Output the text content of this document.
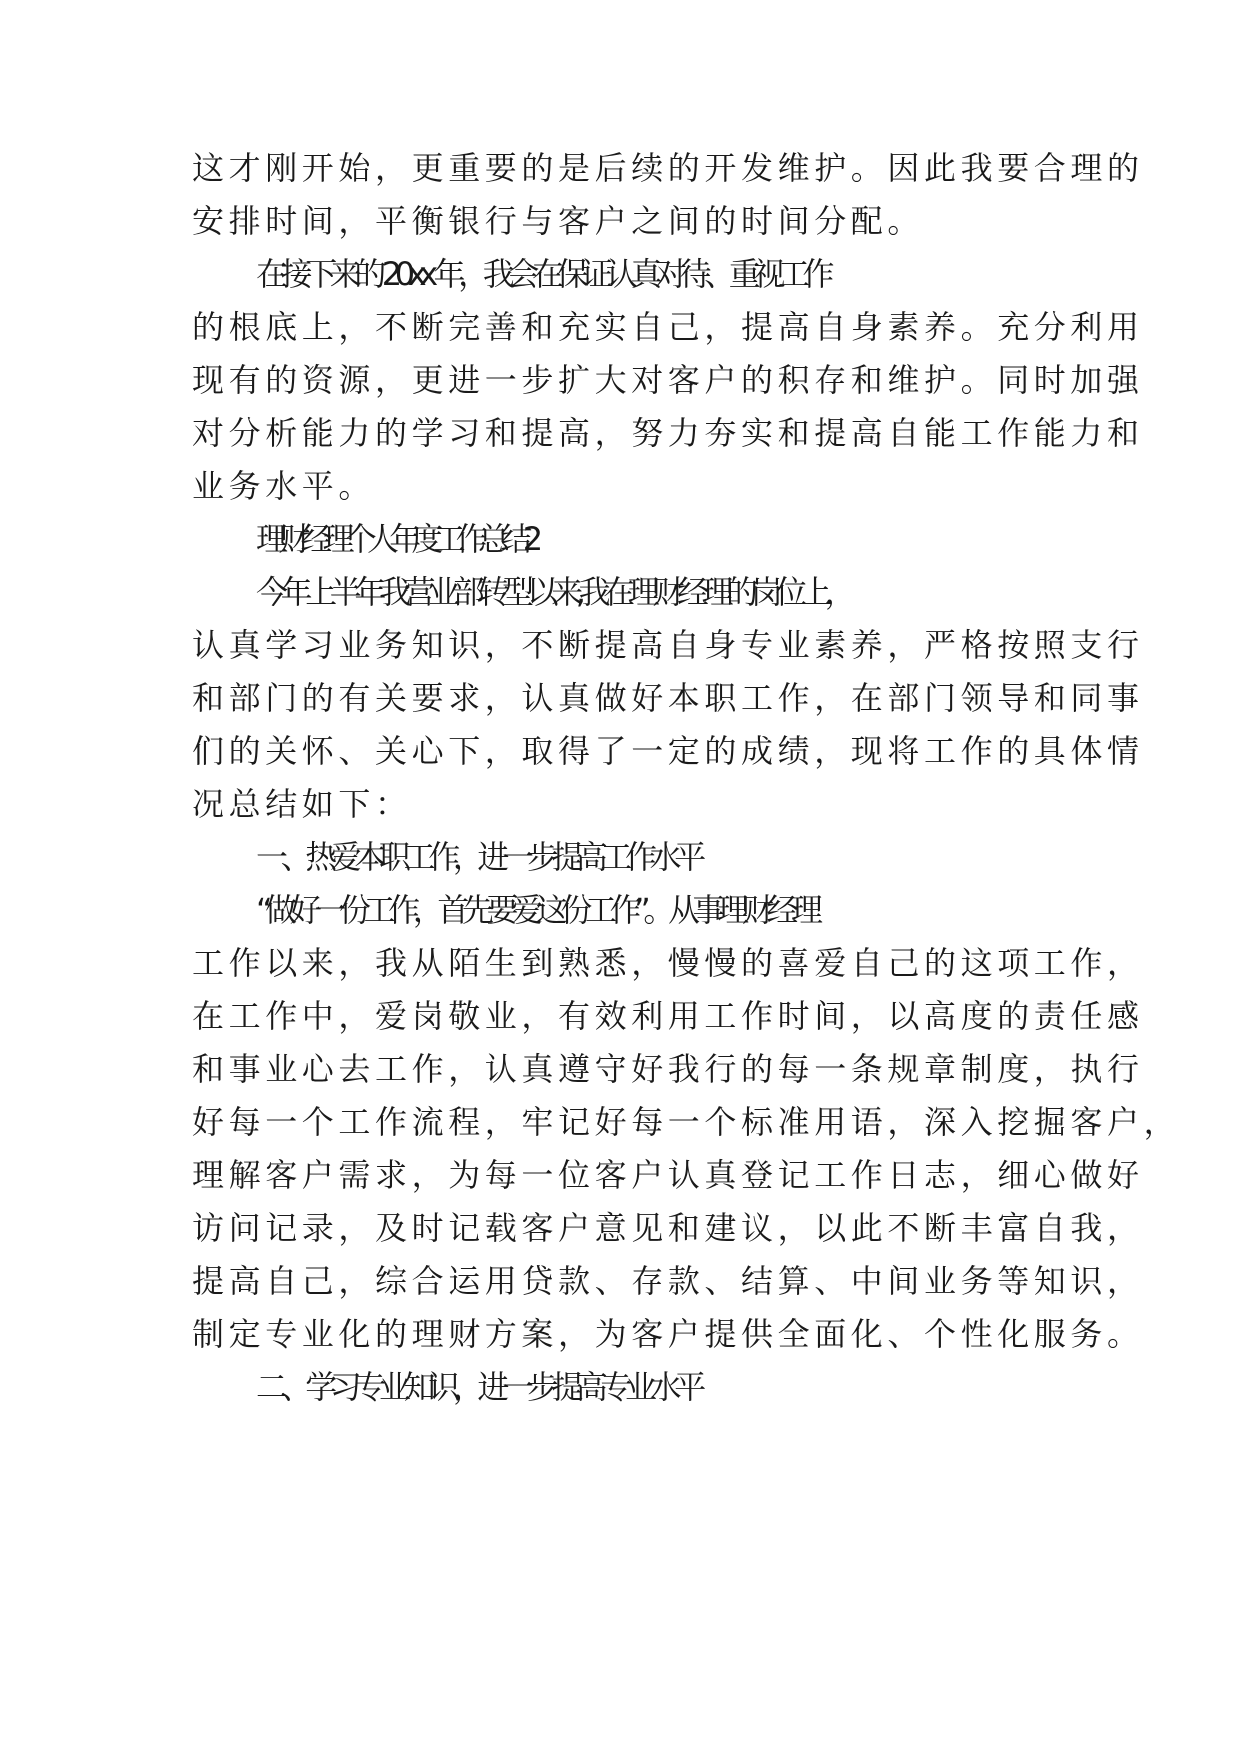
这才刚开始，更重要的是后续的开发维护。因此我要合理的
安排时间，平衡银行与客户之间的时间分配。
在接下来的 20xx 年，我会在保证认真对待、重视工作
的根底上，不断完善和充实自己，提高自身素养。充分利用
现有的资源，更进一步扩大对客户的积存和维护。同时加强
对分析能力的学习和提高，努力夯实和提高自能工作能力和
业务水平。
理财经理个人年度工作总结 2
今年上半年我营业部转型以来,我在理财经理的岗位上，
认真学习业务知识，不断提高自身专业素养，严格按照支行
和部门的有关要求，认真做好本职工作，在部门领导和同事
们的关怀、关心下，取得了一定的成绩，现将工作的具体情
况总结如下：
一、热爱本职工作，进一步提高工作水平
“做好一份工作，首先要爱这份工作”。从事理财经理
工作以来，我从陌生到熟悉，慢慢的喜爱自己的这项工作，
在工作中，爱岗敬业，有效利用工作时间，以高度的责任感
和事业心去工作，认真遵守好我行的每一条规章制度，执行
好每一个工作流程，牢记好每一个标准用语，深入挖掘客户，
理解客户需求，为每一位客户认真登记工作日志，细心做好
访问记录，及时记载客户意见和建议，以此不断丰富自我，
提高自己，综合运用贷款、存款、结算、中间业务等知识，
制定专业化的理财方案，为客户提供全面化、个性化服务。
二、学习专业知识，进一步提高专业水平
